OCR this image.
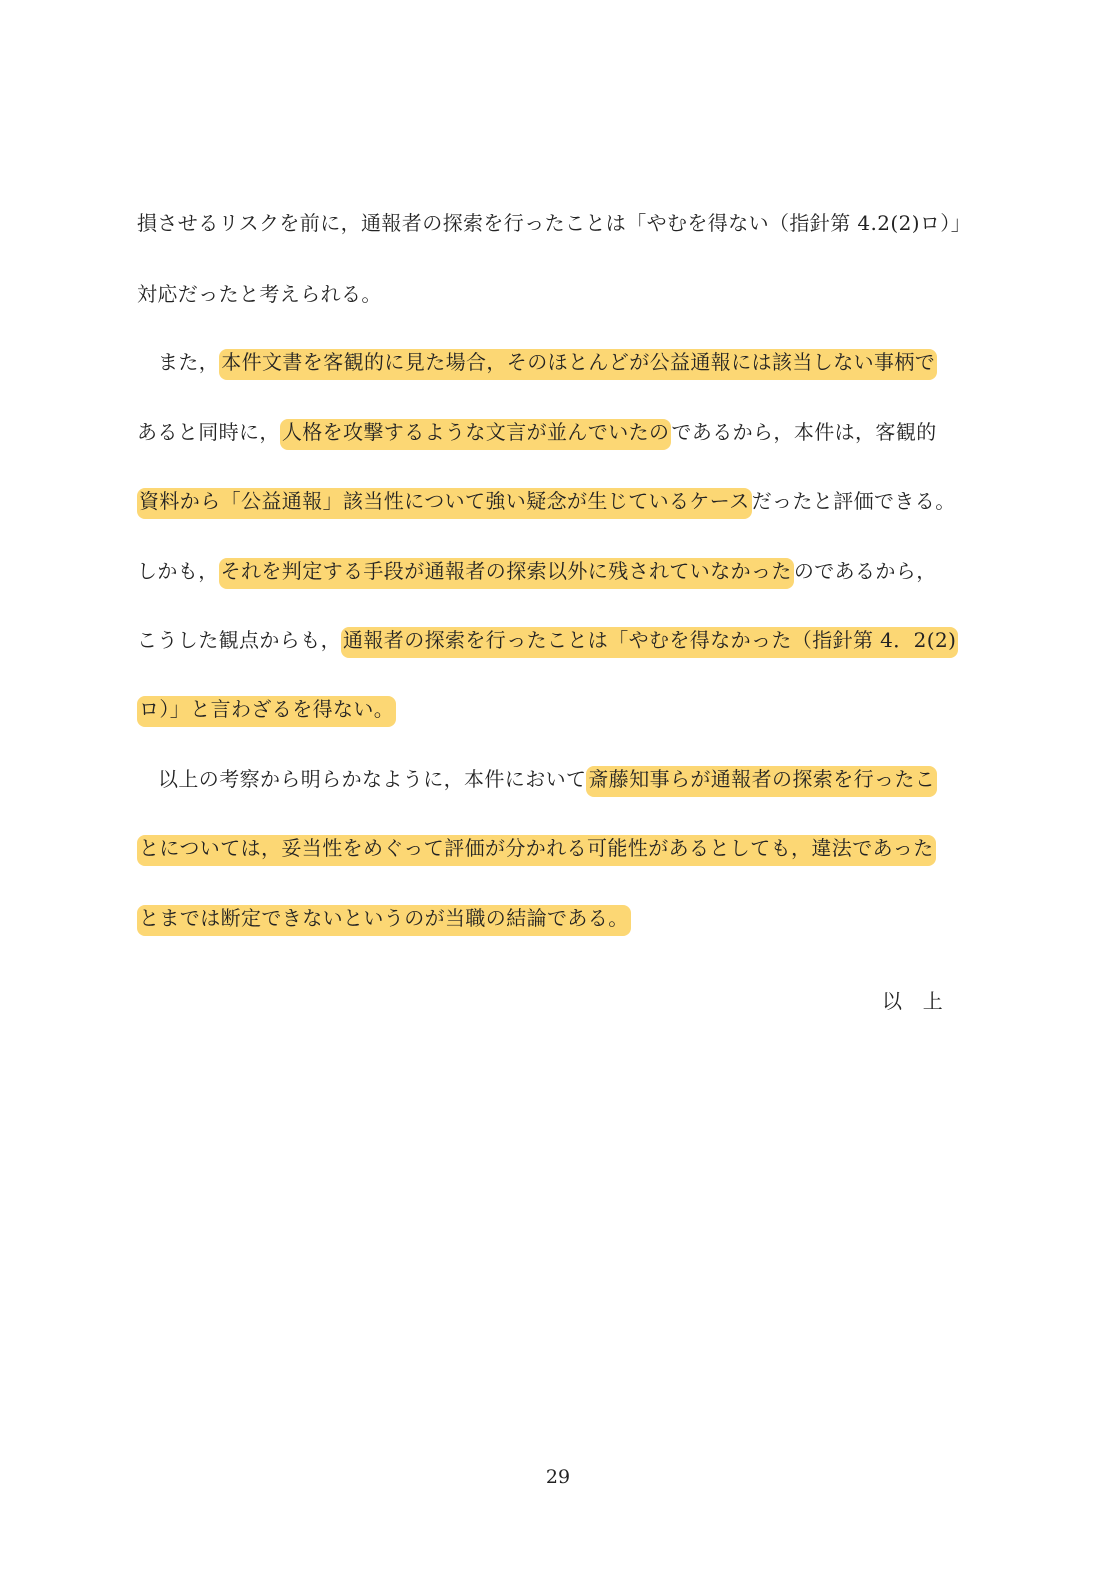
損させるリスクを前に，通報者の探索を行ったことは「やむを得ない（指針第 4.2(2)ロ）」
対応だったと考えられる。
また， 本件文書を客観的に見た場合，そのほとんどが公益通報には該当しない事柄で
あると同時に， 人格を攻撃するような文言が並んでいたの であるから，本件は，客観的
資料から「公益通報」該当性について強い疑念が生じているケース だったと評価できる。
しかも， それを判定する手段が通報者の探索以外に残されていなかった のであるから，
こうした観点からも， 通報者の探索を行ったことは「やむを得なかった（指針第 4．2(2)
ロ）」と言わざるを得ない。
以上の考察から明らかなように，本件において 斎藤知事らが通報者の探索を行ったこ
とについては，妥当性をめぐって評価が分かれる可能性があるとしても，違法であった
とまでは断定できないというのが当職の結論である。
以　上
29
